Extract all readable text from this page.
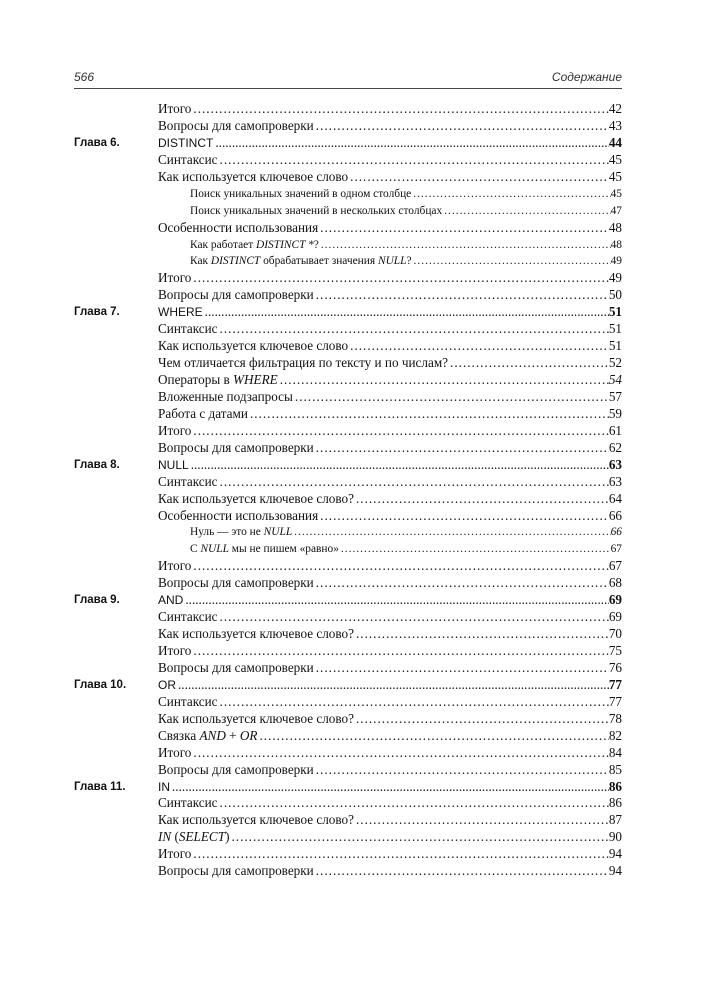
566	Содержание
Итого .....	42
Вопросы для самопроверки .....	43
Глава 6.	DISTINCT .....	44
Синтаксис .....	45
Как используется ключевое слово .....	45
Поиск уникальных значений в одном столбце .....	45
Поиск уникальных значений в нескольких столбцах .....	47
Особенности использования .....	48
Как работает DISTINCT *? .....	48
Как DISTINCT обрабатывает значения NULL? .....	49
Итого .....	49
Вопросы для самопроверки .....	50
Глава 7.	WHERE .....	51
Синтаксис .....	51
Как используется ключевое слово .....	51
Чем отличается фильтрация по тексту и по числам? .....	52
Операторы в WHERE .....	54
Вложенные подзапросы .....	57
Работа с датами .....	59
Итого .....	61
Вопросы для самопроверки .....	62
Глава 8.	NULL .....	63
Синтаксис .....	63
Как используется ключевое слово? .....	64
Особенности использования .....	66
Нуль — это не NULL .....	66
С NULL мы не пишем «равно» .....	67
Итого .....	67
Вопросы для самопроверки .....	68
Глава 9.	AND .....	69
Синтаксис .....	69
Как используется ключевое слово? .....	70
Итого .....	75
Вопросы для самопроверки .....	76
Глава 10.	OR .....	77
Синтаксис .....	77
Как используется ключевое слово? .....	78
Связка AND + OR .....	82
Итого .....	84
Вопросы для самопроверки .....	85
Глава 11.	IN .....	86
Синтаксис .....	86
Как используется ключевое слово? .....	87
IN (SELECT) .....	90
Итого .....	94
Вопросы для самопроверки .....	94
